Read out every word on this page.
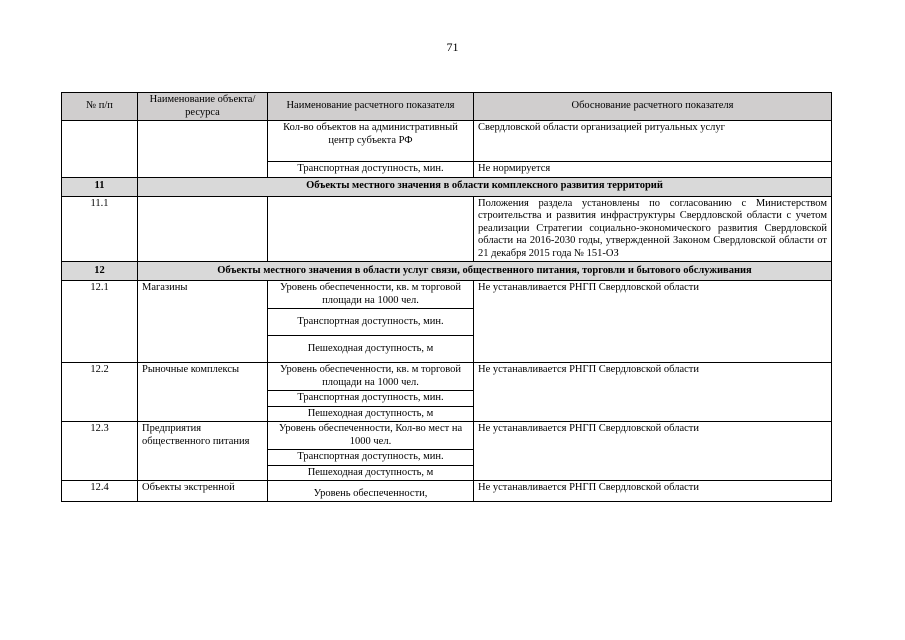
71
№ п/п	Наименование объекта/ресурса	Наименование расчетного показателя	Обоснование расчетного показателя
		Кол-во объектов на административный центр субъекта РФ	Свердловской области организацией ритуальных услуг
		Транспортная доступность, мин.	Не нормируется
11	Объекты местного значения в области комплексного развития территорий		
11.1			Положения раздела установлены по согласованию с Министерством строительства и развития инфраструктуры Свердловской области с учетом реализации Стратегии социально-экономического развития Свердловской области на 2016-2030 годы, утвержденной Законом Свердловской области от 21 декабря 2015 года № 151-ОЗ
12	Объекты местного значения в области услуг связи, общественного питания, торговли и бытового обслуживания		
12.1	Магазины	Уровень обеспеченности, кв. м торговой площади на 1000 чел.	Не устанавливается РНГП Свердловской области
		Транспортная доступность, мин.	
		Пешеходная доступность, м	
12.2	Рыночные комплексы	Уровень обеспеченности, кв. м торговой площади на 1000 чел.	Не устанавливается РНГП Свердловской области
		Транспортная доступность, мин.	
		Пешеходная доступность, м	
12.3	Предприятия общественного питания	Уровень обеспеченности, Кол-во мест на 1000 чел.	Не устанавливается РНГП Свердловской области
		Транспортная доступность, мин.	
		Пешеходная доступность, м	
12.4	Объекты экстренной	Уровень обеспеченности,	Не устанавливается РНГП Свердловской области
